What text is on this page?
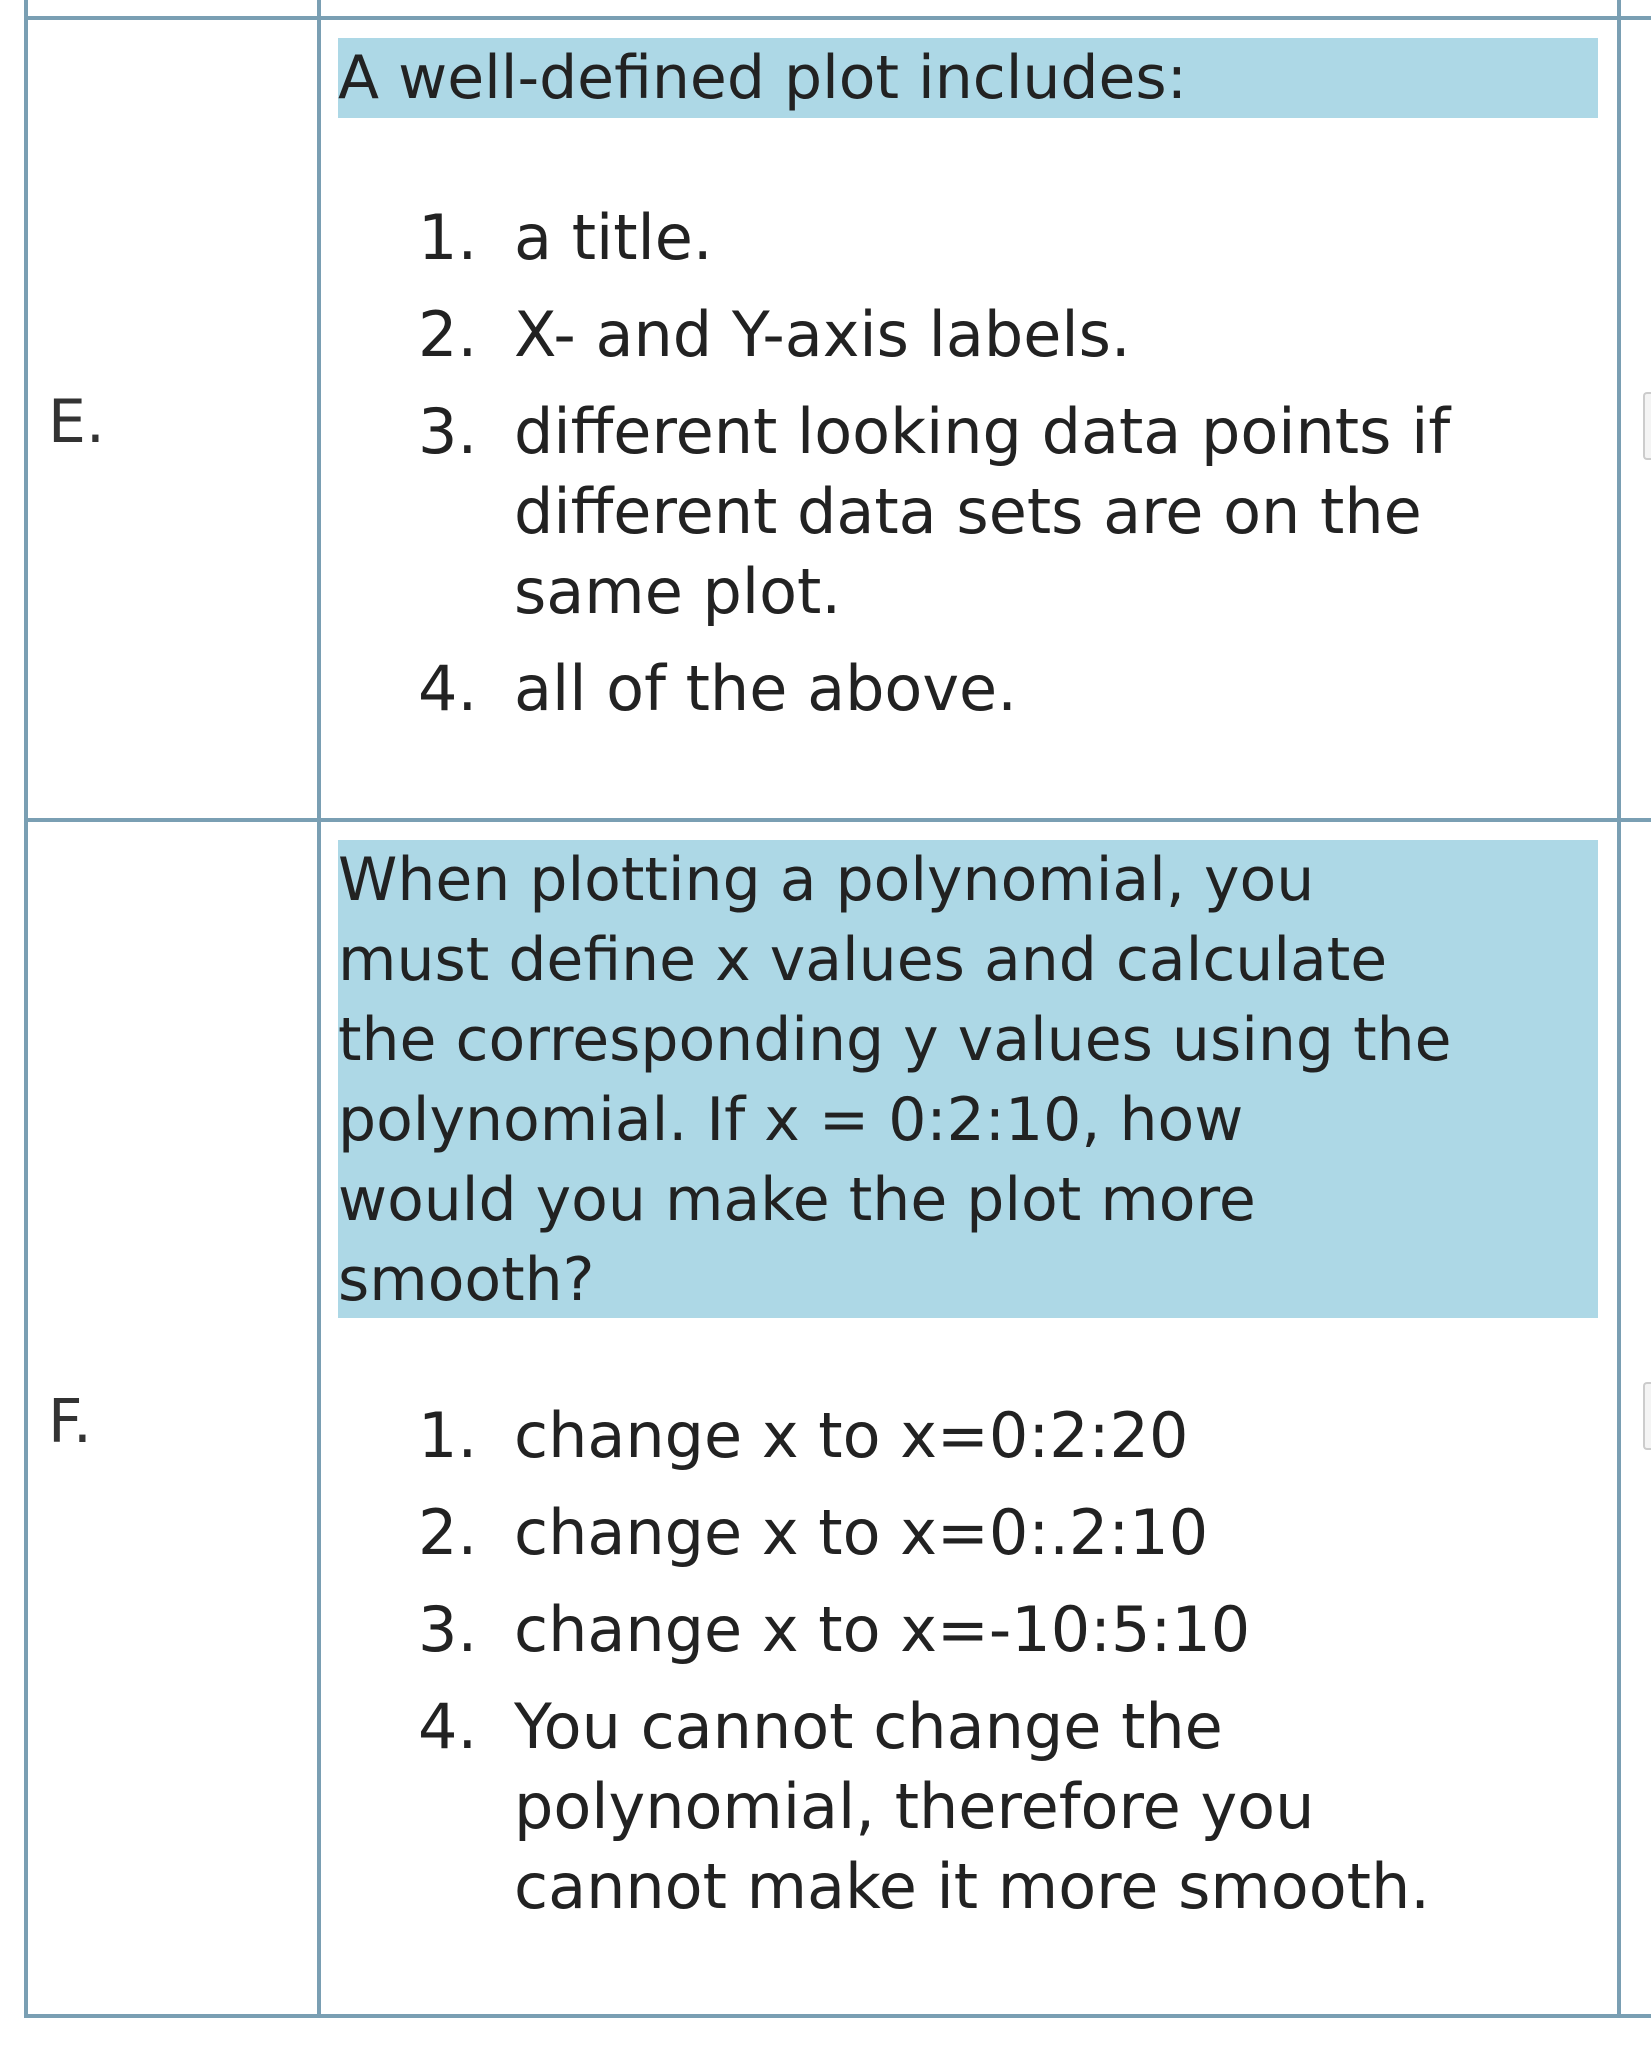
E.
A well-defined plot includes:
1. a title.
2. X- and Y-axis labels.
3. different looking data points if
different data sets are on the
same plot.
4. all of the above.
F.
When plotting a polynomial, you
must define x values and calculate
the corresponding y values using the
polynomial. If x = 0:2:10, how
would you make the plot more
smooth?
1. change x to x=0:2:20
2. change x to x=0:.2:10
3. change x to x=-10:5:10
4. You cannot change the
polynomial, therefore you
cannot make it more smooth.
